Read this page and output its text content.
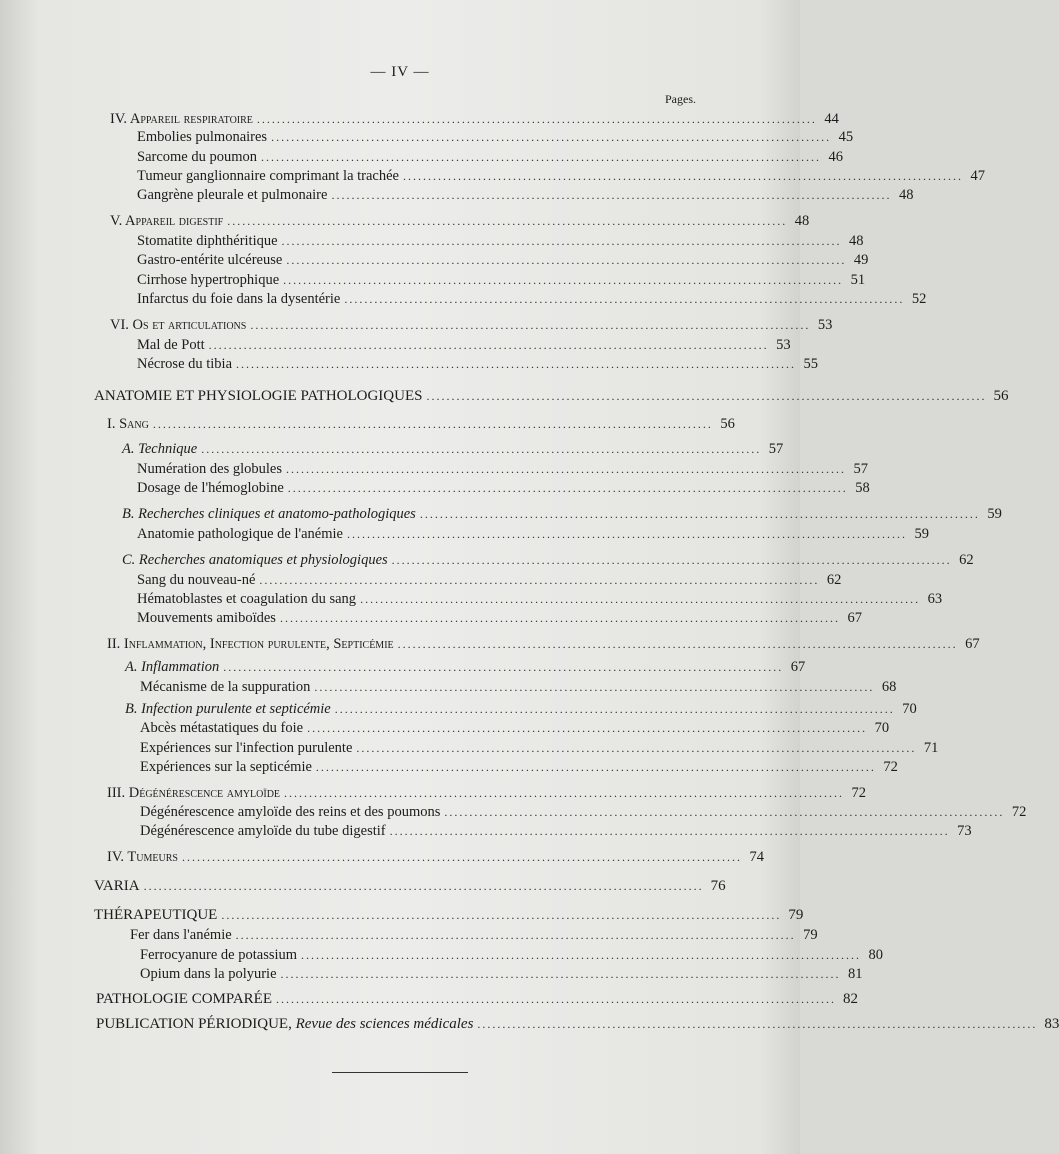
— IV —
Pages.
IV. Appareil respiratoire ................................................................................................................ 44
Embolies pulmonaires ................................................................................................................ 45
Sarcome du poumon ................................................................................................................ 46
Tumeur ganglionnaire comprimant la trachée ................................................................................................................ 47
Gangrène pleurale et pulmonaire ................................................................................................................ 48
V. Appareil digestif ................................................................................................................ 48
Stomatite diphthéritique ................................................................................................................ 48
Gastro-entérite ulcéreuse ................................................................................................................ 49
Cirrhose hypertrophique ................................................................................................................ 51
Infarctus du foie dans la dysentérie ................................................................................................................ 52
VI. Os et articulations ................................................................................................................ 53
Mal de Pott ................................................................................................................ 53
Nécrose du tibia ................................................................................................................ 55
ANATOMIE ET PHYSIOLOGIE PATHOLOGIQUES ................................................................................................................ 56
I. Sang ................................................................................................................ 56
A. Technique ................................................................................................................ 57
Numération des globules ................................................................................................................ 57
Dosage de l'hémoglobine ................................................................................................................ 58
B. Recherches cliniques et anatomo-pathologiques ................................................................................................................ 59
Anatomie pathologique de l'anémie ................................................................................................................ 59
C. Recherches anatomiques et physiologiques ................................................................................................................ 62
Sang du nouveau-né ................................................................................................................ 62
Hématoblastes et coagulation du sang ................................................................................................................ 63
Mouvements amiboïdes ................................................................................................................ 67
II. Inflammation, Infection purulente, Septicémie ................................................................................................................ 67
A. Inflammation ................................................................................................................ 67
Mécanisme de la suppuration ................................................................................................................ 68
B. Infection purulente et septicémie ................................................................................................................ 70
Abcès métastatiques du foie ................................................................................................................ 70
Expériences sur l'infection purulente ................................................................................................................ 71
Expériences sur la septicémie ................................................................................................................ 72
III. Dégénérescence amyloïde ................................................................................................................ 72
Dégénérescence amyloïde des reins et des poumons ................................................................................................................ 72
Dégénérescence amyloïde du tube digestif ................................................................................................................ 73
IV. Tumeurs ................................................................................................................ 74
VARIA ................................................................................................................ 76
THÉRAPEUTIQUE ................................................................................................................ 79
Fer dans l'anémie ................................................................................................................ 79
Ferrocyanure de potassium ................................................................................................................ 80
Opium dans la polyurie ................................................................................................................ 81
PATHOLOGIE COMPARÉE ................................................................................................................ 82
PUBLICATION PÉRIODIQUE,
Revue des sciences médicales ................................................................................................................ 83
